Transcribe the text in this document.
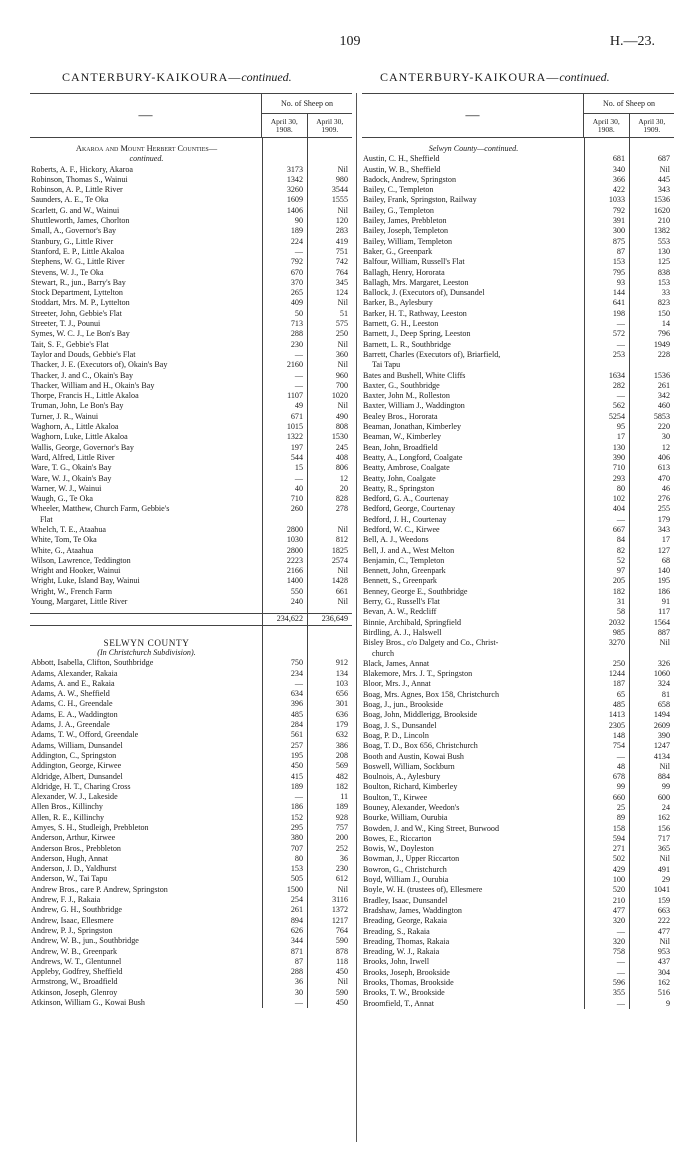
109	H.—23.
CANTERBURY-KAIKOURA—continued.	CANTERBURY-KAIKOURA—continued.
—
No. of Sheep on
April 30, 1908.
April 30, 1909.
Akaroa and Mount Herbert Counties—
continued.
Roberts, A. F., Hickory, Akaroa	3173	Nil
Robinson, Thomas S., Wainui	1342	980
Robinson, A. P., Little River	3260	3544
Saunders, A. E., Te Oka	1609	1555
Scarlett, G. and W., Wainui	1406	Nil
Shuttleworth, James, Chorlton	90	120
Small, A., Governor's Bay	189	283
Stanbury, G., Little River	224	419
Stanford, E. P., Little Akaloa	—	751
Stephens, W. G., Little River	792	742
Stevens, W. J., Te Oka	670	764
Stewart, R., jun., Barry's Bay	370	345
Stock Department, Lyttelton	265	124
Stoddart, Mrs. M. P., Lyttelton	409	Nil
Streeter, John, Gebbie's Flat	50	51
Streeter, T. J., Pounui	713	575
Symes, W. C. J., Le Bon's Bay	288	250
Tait, S. F., Gebbie's Flat	230	Nil
Taylor and Douds, Gebbie's Flat	—	360
Thacker, J. E. (Executors of), Okain's Bay	2160	Nil
Thacker, J. and C., Okain's Bay	—	960
Thacker, William and H., Okain's Bay	—	700
Thorpe, Francis H., Little Akaloa	1107	1020
Truman, John, Le Bon's Bay	49	Nil
Turner, J. R., Wainui	671	490
Waghorn, A., Little Akaloa	1015	808
Waghorn, Luke, Little Akaloa	1322	1530
Wallis, George, Governor's Bay	197	245
Ward, Alfred, Little River	544	408
Ware, T. G., Okain's Bay	15	806
Ware, W. J., Okain's Bay	—	12
Warner, W. J., Wainui	40	20
Waugh, G., Te Oka	710	828
Wheeler, Matthew, Church Farm, Gebbie's	260	278
Flat
Whelch, T. E., Ataahua	2800	Nil
White, Tom, Te Oka	1030	812
White, G., Ataahua	2800	1825
Wilson, Lawrence, Teddington	2223	2574
Wright and Hooker, Wainui	2166	Nil
Wright, Luke, Island Bay, Wainui	1400	1428
Wright, W., French Farm	550	661
Young, Margaret, Little River	240	Nil
234,622	236,649
SELWYN COUNTY
(In Christchurch Subdivision).
Abbott, Isabella, Clifton, Southbridge	750	912
Adams, Alexander, Rakaia	234	134
Adams, A. and E., Rakaia	—	103
Adams, A. W., Sheffield	634	656
Adams, C. H., Greendale	396	301
Adams, E. A., Waddington	485	636
Adams, J. A., Greendale	284	179
Adams, T. W., Offord, Greendale	561	632
Adams, William, Dunsandel	257	386
Addington, C., Springston	195	208
Addington, George, Kirwee	450	569
Aldridge, Albert, Dunsandel	415	482
Aldridge, H. T., Charing Cross	189	182
Alexander, W. J., Lakeside	—	11
Allen Bros., Killinchy	186	189
Allen, R. E., Killinchy	152	928
Amyes, S. H., Studleigh, Prebbleton	295	757
Anderson, Arthur, Kirwee	380	200
Anderson Bros., Prebbleton	707	252
Anderson, Hugh, Annat	80	36
Anderson, J. D., Yaldhurst	153	230
Anderson, W., Tai Tapu	505	612
Andrew Bros., care P. Andrew, Springston	1500	Nil
Andrew, F. J., Rakaia	254	3116
Andrew, G. H., Southbridge	261	1372
Andrew, Isaac, Ellesmere	894	1217
Andrew, P. J., Springston	626	764
Andrew, W. B., jun., Southbridge	344	590
Andrew, W. B., Greenpark	871	878
Andrews, W. T., Glentunnel	87	118
Appleby, Godfrey, Sheffield	288	450
Armstrong, W., Broadfield	36	Nil
Atkinson, Joseph, Glenroy	30	590
Atkinson, William G., Kowai Bush	—	450
—
No. of Sheep on
April 30, 1908.
April 30, 1909.
Selwyn County—continued.
Austin, C. H., Sheffield	681	687
Austin, W. B., Sheffield	340	Nil
Badock, Andrew, Springston	366	445
Bailey, C., Templeton	422	343
Bailey, Frank, Springston, Railway	1033	1536
Bailey, G., Templeton	792	1620
Bailey, James, Prebbleton	391	210
Bailey, Joseph, Templeton	300	1382
Bailey, William, Templeton	875	553
Baker, G., Greenpark	87	130
Balfour, William, Russell's Flat	153	125
Ballagh, Henry, Hororata	795	838
Ballagh, Mrs. Margaret, Leeston	93	153
Ballock, J. (Executors of), Dunsandel	144	33
Barker, B., Aylesbury	641	823
Barker, H. T., Rathway, Leeston	198	150
Barnett, G. H., Leeston	—	14
Barnett, J., Deep Spring, Leeston	572	796
Barnett, L. R., Southbridge	—	1949
Barrett, Charles (Executors of), Briarfield,	253	228
Tai Tapu
Bates and Bushell, White Cliffs	1634	1536
Baxter, G., Southbridge	282	261
Baxter, John M., Rolleston	—	342
Baxter, William J., Waddington	562	460
Bealey Bros., Hororata	5254	5853
Beaman, Jonathan, Kimberley	95	220
Beaman, W., Kimberley	17	30
Bean, John, Broadfield	130	12
Beatty, A., Longford, Coalgate	390	406
Beatty, Ambrose, Coalgate	710	613
Beatty, John, Coalgate	293	470
Beatty, R., Springston	80	46
Bedford, G. A., Courtenay	102	276
Bedford, George, Courtenay	404	255
Bedford, J. H., Courtenay	—	179
Bedford, W. C., Kirwee	667	343
Bell, A. J., Weedons	84	17
Bell, J. and A., West Melton	82	127
Benjamin, C., Templeton	52	68
Bennett, John, Greenpark	97	140
Bennett, S., Greenpark	205	195
Benney, George E., Southbridge	182	186
Berry, G., Russell's Flat	31	91
Bevan, A. W., Redcliff	58	117
Binnie, Archibald, Springfield	2032	1564
Birdling, A. J., Halswell	985	887
Bisley Bros., c/o Dalgety and Co., Christ-	3270	Nil
church
Black, James, Annat	250	326
Blakemore, Mrs. J. T., Springston	1244	1060
Bloor, Mrs. J., Annat	187	324
Boag, Mrs. Agnes, Box 158, Christchurch	65	81
Boag, J., jun., Brookside	485	658
Boag, John, Middlerigg, Brookside	1413	1494
Boag, J. S., Dunsandel	2305	2609
Boag, P. D., Lincoln	148	390
Boag, T. D., Box 656, Christchurch	754	1247
Booth and Austin, Kowai Bush	—	4134
Boswell, William, Sockburn	48	Nil
Boulnois, A., Aylesbury	678	884
Boulton, Richard, Kimberley	99	99
Boulton, T., Kirwee	660	600
Bouney, Alexander, Weedon's	25	24
Bourke, William, Ourubia	89	162
Bowden, J. and W., King Street, Burwood	158	156
Bowes, E., Riccarton	594	717
Bowis, W., Doyleston	271	365
Bowman, J., Upper Riccarton	502	Nil
Bowron, G., Christchurch	429	491
Boyd, William J., Ourubia	100	29
Boyle, W. H. (trustees of), Ellesmere	520	1041
Bradley, Isaac, Dunsandel	210	159
Bradshaw, James, Waddington	477	663
Breading, George, Rakaia	320	222
Breading, S., Rakaia	—	477
Breading, Thomas, Rakaia	320	Nil
Breading, W. J., Rakaia	758	953
Brooks, John, Irwell	—	437
Brooks, Joseph, Brookside	—	304
Brooks, Thomas, Brookside	596	162
Brooks, T. W., Brookside	355	516
Broomfield, T., Annat	—	9
